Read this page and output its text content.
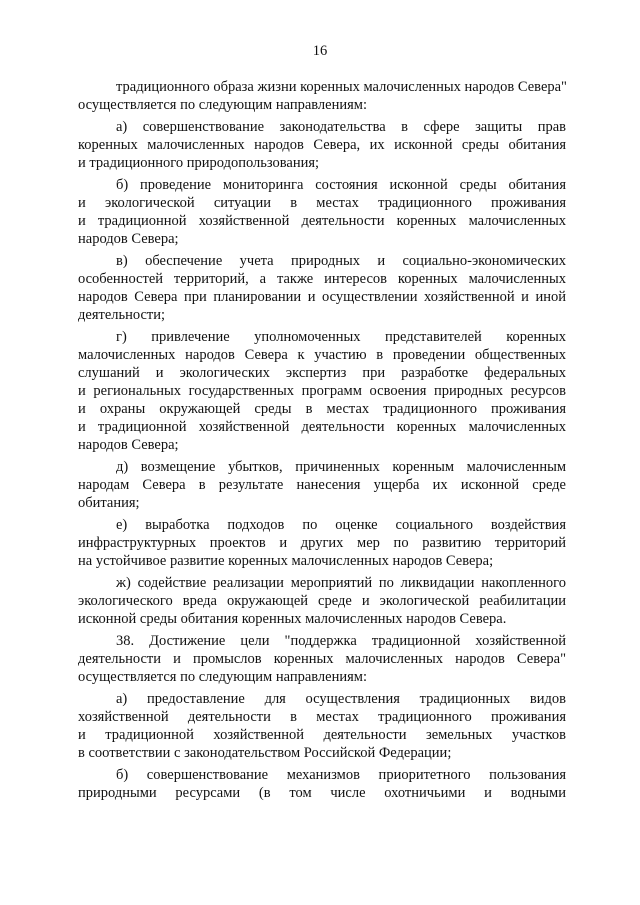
16
традиционного образа жизни коренных малочисленных народов Севера"
осуществляется по следующим направлениям:
а) совершенствование законодательства в сфере защиты прав
коренных малочисленных народов Севера, их исконной среды обитания
и традиционного природопользования;
б) проведение мониторинга состояния исконной среды обитания
и экологической ситуации в местах традиционного проживания
и традиционной хозяйственной деятельности коренных малочисленных
народов Севера;
в) обеспечение учета природных и социально-экономических
особенностей территорий, а также интересов коренных малочисленных
народов Севера при планировании и осуществлении хозяйственной и иной
деятельности;
г) привлечение уполномоченных представителей коренных
малочисленных народов Севера к участию в проведении общественных
слушаний и экологических экспертиз при разработке федеральных
и региональных государственных программ освоения природных ресурсов
и охраны окружающей среды в местах традиционного проживания
и традиционной хозяйственной деятельности коренных малочисленных
народов Севера;
д) возмещение убытков, причиненных коренным малочисленным
народам Севера в результате нанесения ущерба их исконной среде
обитания;
е) выработка подходов по оценке социального воздействия
инфраструктурных проектов и других мер по развитию территорий
на устойчивое развитие коренных малочисленных народов Севера;
ж) содействие реализации мероприятий по ликвидации накопленного
экологического вреда окружающей среде и экологической реабилитации
исконной среды обитания коренных малочисленных народов Севера.
38. Достижение цели "поддержка традиционной хозяйственной
деятельности и промыслов коренных малочисленных народов Севера"
осуществляется по следующим направлениям:
а) предоставление для осуществления традиционных видов
хозяйственной деятельности в местах традиционного проживания
и традиционной хозяйственной деятельности земельных участков
в соответствии с законодательством Российской Федерации;
б) совершенствование механизмов приоритетного пользования
природными ресурсами (в том числе охотничьими и водными
